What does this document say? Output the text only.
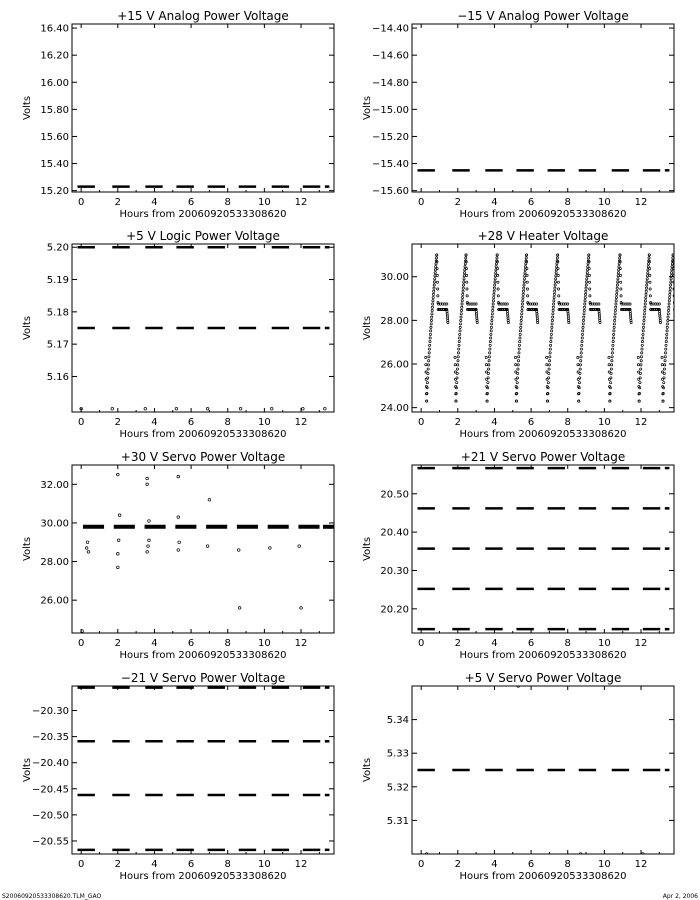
+15 V Analog Power Voltage
0	2	4	6	8	10 12
15.20
15.40
15.60
15.80
16.00
16.20
16.40
Hours from 20060920533308620
Volts
−15 V Analog Power Voltage
0	2	4	6	8	10 12
−15.60
−15.40
−15.20
−15.00
−14.80
−14.60
−14.40
Hours from 20060920533308620
Volts
+5 V Logic Power Voltage
0	2	4	6	8	10 12
5.16
5.17
5.18
5.19
5.20
Hours from 20060920533308620
Volts
+28 V Heater Voltage
0	2	4	6	8	10 12
24.00
26.00
28.00
30.00
Hours from 20060920533308620
Volts
+30 V Servo Power Voltage
0	2	4	6	8	10 12
26.00
28.00
30.00
32.00
Hours from 20060920533308620
Volts
+21 V Servo Power Voltage
0	2	4	6	8	10 12
20.20
20.30
20.40
20.50
Hours from 20060920533308620
Volts
−21 V Servo Power Voltage
0	2	4	6	8	10 12
−20.30
−20.35
−20.40
−20.45
−20.50
−20.55
Hours from 20060920533308620
Volts
+5 V Servo Power Voltage
0	2	4	6	8	10 12
5.31
5.32
5.33
5.34
Hours from 20060920533308620
Volts
S20060920533308620.TLM_GAO	Apr 2, 2006
